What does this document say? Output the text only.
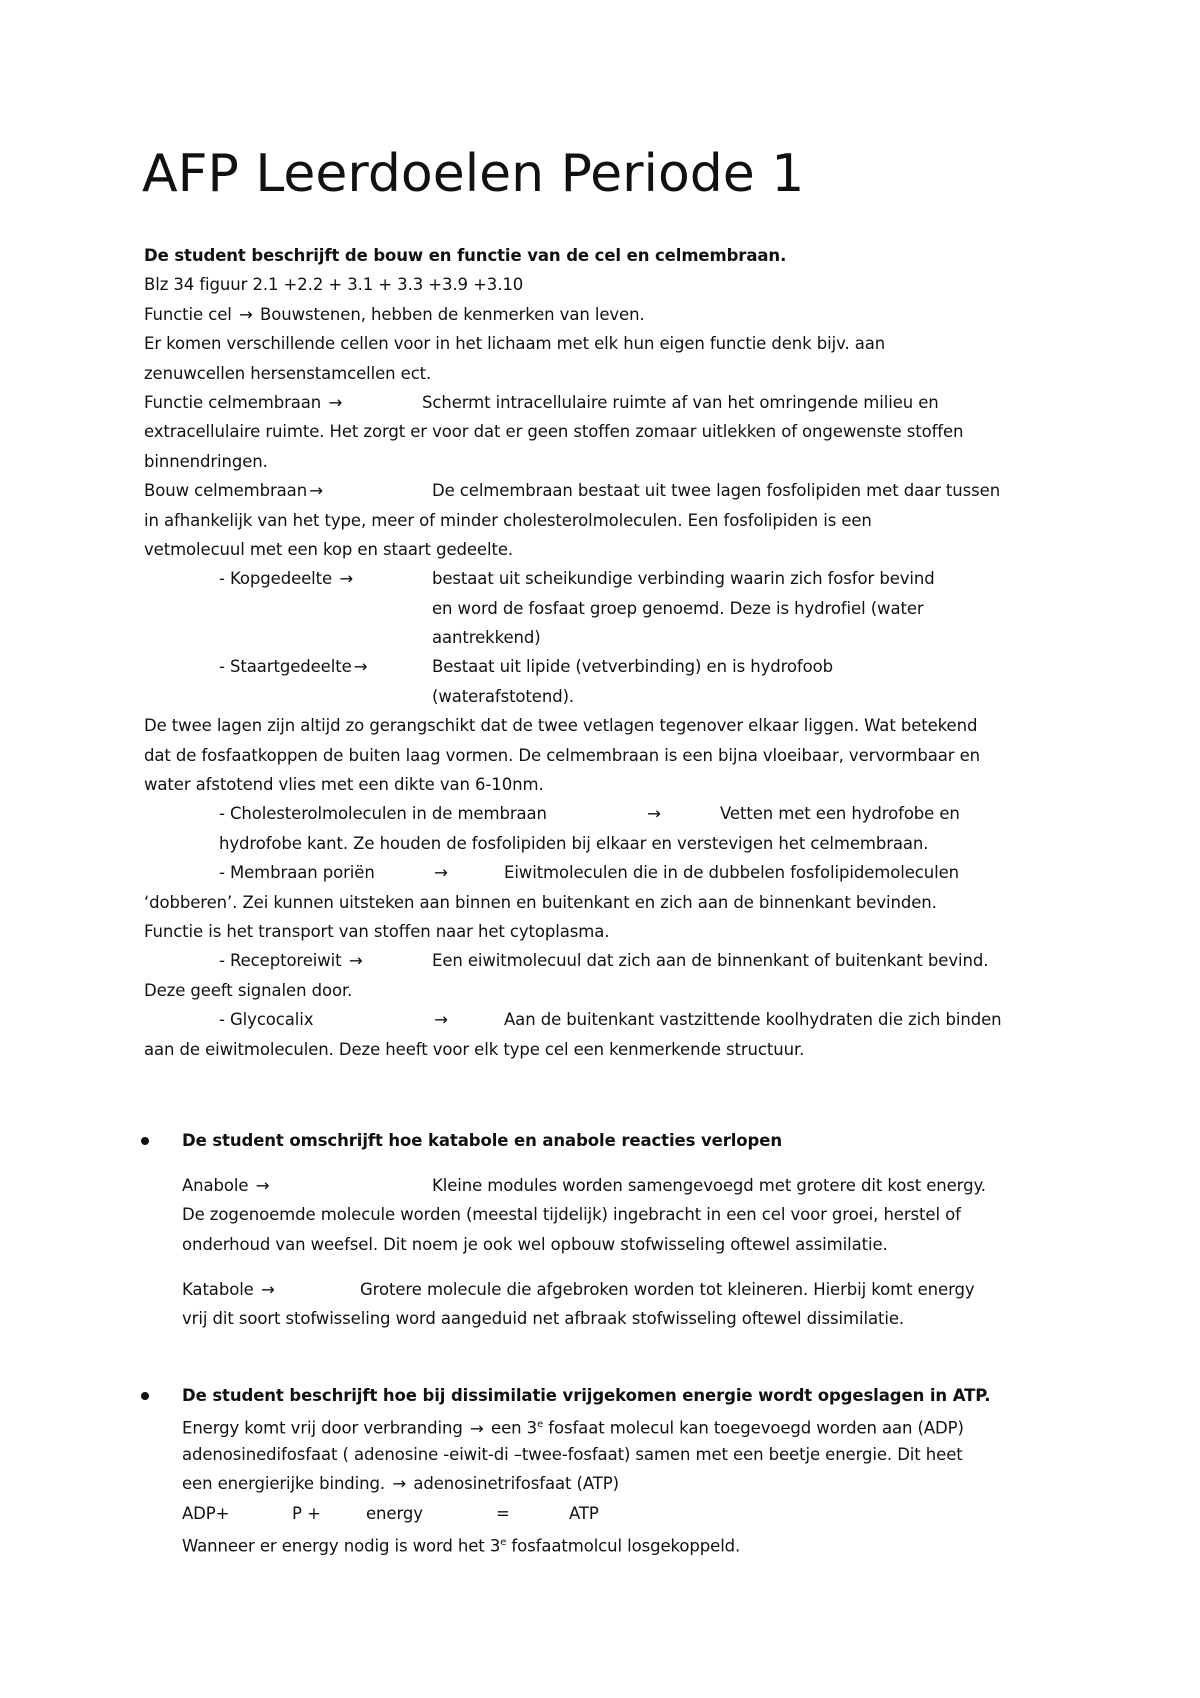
AFP Leerdoelen Periode 1
De student beschrijft de bouw en functie van de cel en celmembraan.
Blz 34 figuur 2.1 +2.2 + 3.1 + 3.3 +3.9 +3.10
Functie cel → Bouwstenen, hebben de kenmerken van leven.
Er komen verschillende cellen voor in het lichaam met elk hun eigen functie denk bijv. aan
zenuwcellen hersenstamcellen ect.
Functie celmembraan →	Schermt intracellulaire ruimte af van het omringende milieu en
extracellulaire ruimte. Het zorgt er voor dat er geen stoffen zomaar uitlekken of ongewenste stoffen
binnendringen.
Bouw celmembraan →	De celmembraan bestaat uit twee lagen fosfolipiden met daar tussen
in afhankelijk van het type, meer of minder cholesterolmoleculen. Een fosfolipiden is een
vetmolecuul met een kop en staart gedeelte.
- Kopgedeelte →	bestaat uit scheikundige verbinding waarin zich fosfor bevind
en word de fosfaat groep genoemd. Deze is hydrofiel (water
aantrekkend)
- Staartgedeelte →	Bestaat uit lipide (vetverbinding) en is hydrofoob
(waterafstotend).
De twee lagen zijn altijd zo gerangschikt dat de twee vetlagen tegenover elkaar liggen. Wat betekend
dat de fosfaatkoppen de buiten laag vormen. De celmembraan is een bijna vloeibaar, vervormbaar en
water afstotend vlies met een dikte van 6-10nm.
- Cholesterolmoleculen in de membraan	→	Vetten met een hydrofobe en
hydrofobe kant. Ze houden de fosfolipiden bij elkaar en verstevigen het celmembraan.
- Membraan poriën	→	Eiwitmoleculen die in de dubbelen fosfolipidemoleculen
‘dobberen’. Zei kunnen uitsteken aan binnen en buitenkant en zich aan de binnenkant bevinden.
Functie is het transport van stoffen naar het cytoplasma.
- Receptoreiwit →	Een eiwitmolecuul dat zich aan de binnenkant of buitenkant bevind.
Deze geeft signalen door.
- Glycocalix	→	Aan de buitenkant vastzittende koolhydraten die zich binden
aan de eiwitmoleculen. Deze heeft voor elk type cel een kenmerkende structuur.
De student omschrijft hoe katabole en anabole reacties verlopen
Anabole →	Kleine modules worden samengevoegd met grotere dit kost energy.
De zogenoemde molecule worden (meestal tijdelijk) ingebracht in een cel voor groei, herstel of
onderhoud van weefsel. Dit noem je ook wel opbouw stofwisseling oftewel assimilatie.
Katabole →	Grotere molecule die afgebroken worden tot kleineren. Hierbij komt energy
vrij dit soort stofwisseling word aangeduid net afbraak stofwisseling oftewel dissimilatie.
De student beschrijft hoe bij dissimilatie vrijgekomen energie wordt opgeslagen in ATP.
Energy komt vrij door verbranding → een 3e fosfaat molecul kan toegevoegd worden aan (ADP)
adenosinedifosfaat ( adenosine -eiwit-di –twee-fosfaat) samen met een beetje energie. Dit heet
een energierijke binding. → adenosinetrifosfaat (ATP)
ADP+	P +	energy	=	ATP
Wanneer er energy nodig is word het 3e fosfaatmolcul losgekoppeld.
